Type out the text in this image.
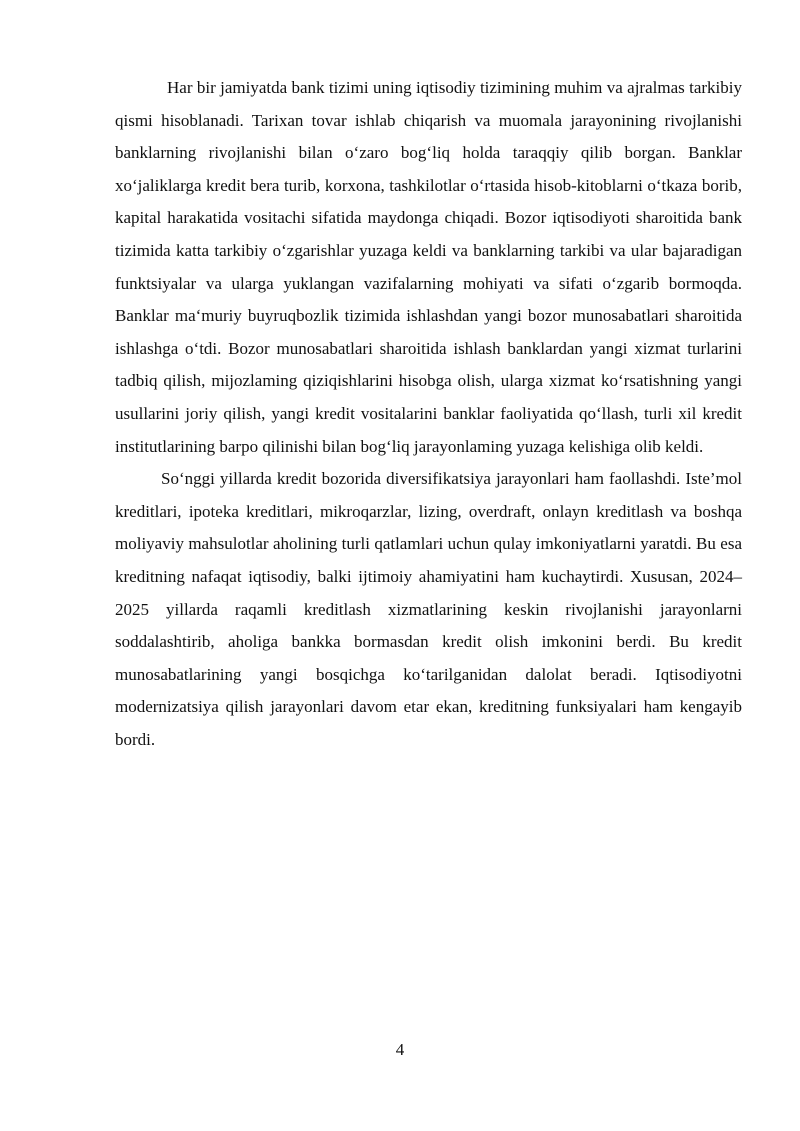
Har bir jamiyatda bank tizimi uning iqtisodiy tizimining muhim va ajralmas tarkibiy qismi hisoblanadi. Tarixan tovar ishlab chiqarish va muomala jarayonining rivojlanishi banklarning rivojlanishi bilan o‘zaro bog‘liq holda taraqqiy qilib borgan. Banklar xo‘jaliklarga kredit bera turib, korxona, tashkilotlar o‘rtasida hisob-kitoblarni o‘tkaza borib, kapital harakatida vositachi sifatida maydonga chiqadi. Bozor iqtisodiyoti sharoitida bank tizimida katta tarkibiy o‘zgarishlar yuzaga keldi va banklarning tarkibi va ular bajaradigan funktsiyalar va ularga yuklangan vazifalarning mohiyati va sifati o‘zgarib bormoqda. Banklar ma‘muriy buyruqbozlik tizimida ishlashdan yangi bozor munosabatlari sharoitida ishlashga o‘tdi. Bozor munosabatlari sharoitida ishlash banklardan yangi xizmat turlarini tadbiq qilish, mijozlaming qiziqishlarini hisobga olish, ularga xizmat ko‘rsatishning yangi usullarini joriy qilish, yangi kredit vositalarini banklar faoliyatida qo‘llash, turli xil kredit institutlarining barpo qilinishi bilan bog‘liq jarayonlaming yuzaga kelishiga olib keldi.

So‘nggi yillarda kredit bozorida diversifikatsiya jarayonlari ham faollashdi. Iste’mol kreditlari, ipoteka kreditlari, mikroqarzlar, lizing, overdraft, onlayn kreditlash va boshqa moliyaviy mahsulotlar aholining turli qatlamlari uchun qulay imkoniyatlarni yaratdi. Bu esa kreditning nafaqat iqtisodiy, balki ijtimoiy ahamiyatini ham kuchaytirdi. Xususan, 2024–2025 yillarda raqamli kreditlash xizmatlarining keskin rivojlanishi jarayonlarni soddalashtirib, aholiga bankka bormasdan kredit olish imkonini berdi. Bu kredit munosabatlarining yangi bosqichga ko‘tarilganidan dalolat beradi. Iqtisodiyotni modernizatsiya qilish jarayonlari davom etar ekan, kreditning funksiyalari ham kengayib bordi.

4
